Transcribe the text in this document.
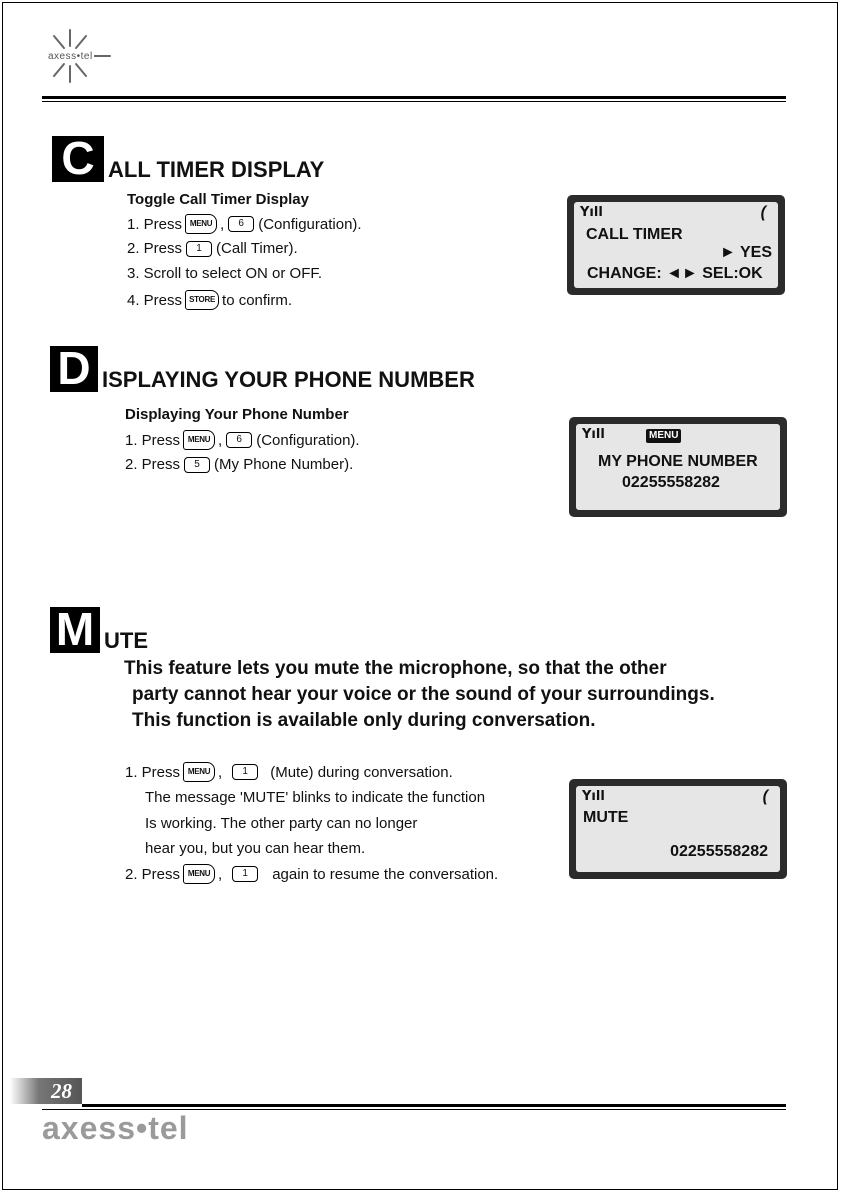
axess•tel
C ALL TIMER DISPLAY
Toggle Call Timer Display
1. Press MENU ,	6 (Configuration).
2. Press	1 (Call Timer).
3. Scroll to select ON or OFF.
4. Press STORE to confirm.
Yıll	(
CALL TIMER
► YES
CHANGE: ◄► SEL:OK
D ISPLAYING YOUR PHONE NUMBER
Displaying Your Phone Number
1. Press MENU ,	6 (Configuration).
2. Press	5 (My Phone Number).
Yıll	MENU
MY PHONE NUMBER
02255558282
M UTE
This feature lets you mute the microphone, so that the other
party cannot hear your voice or the sound of your surroundings.
This function is available only during conversation.
1. Press MENU ,	1	(Mute) during conversation.
The message 'MUTE' blinks to indicate the function
Is working. The other party can no longer
hear you, but you can hear them.
2. Press MENU ,	1	again to resume the conversation.
Yıll	(
MUTE
02255558282
28
axess•tel
